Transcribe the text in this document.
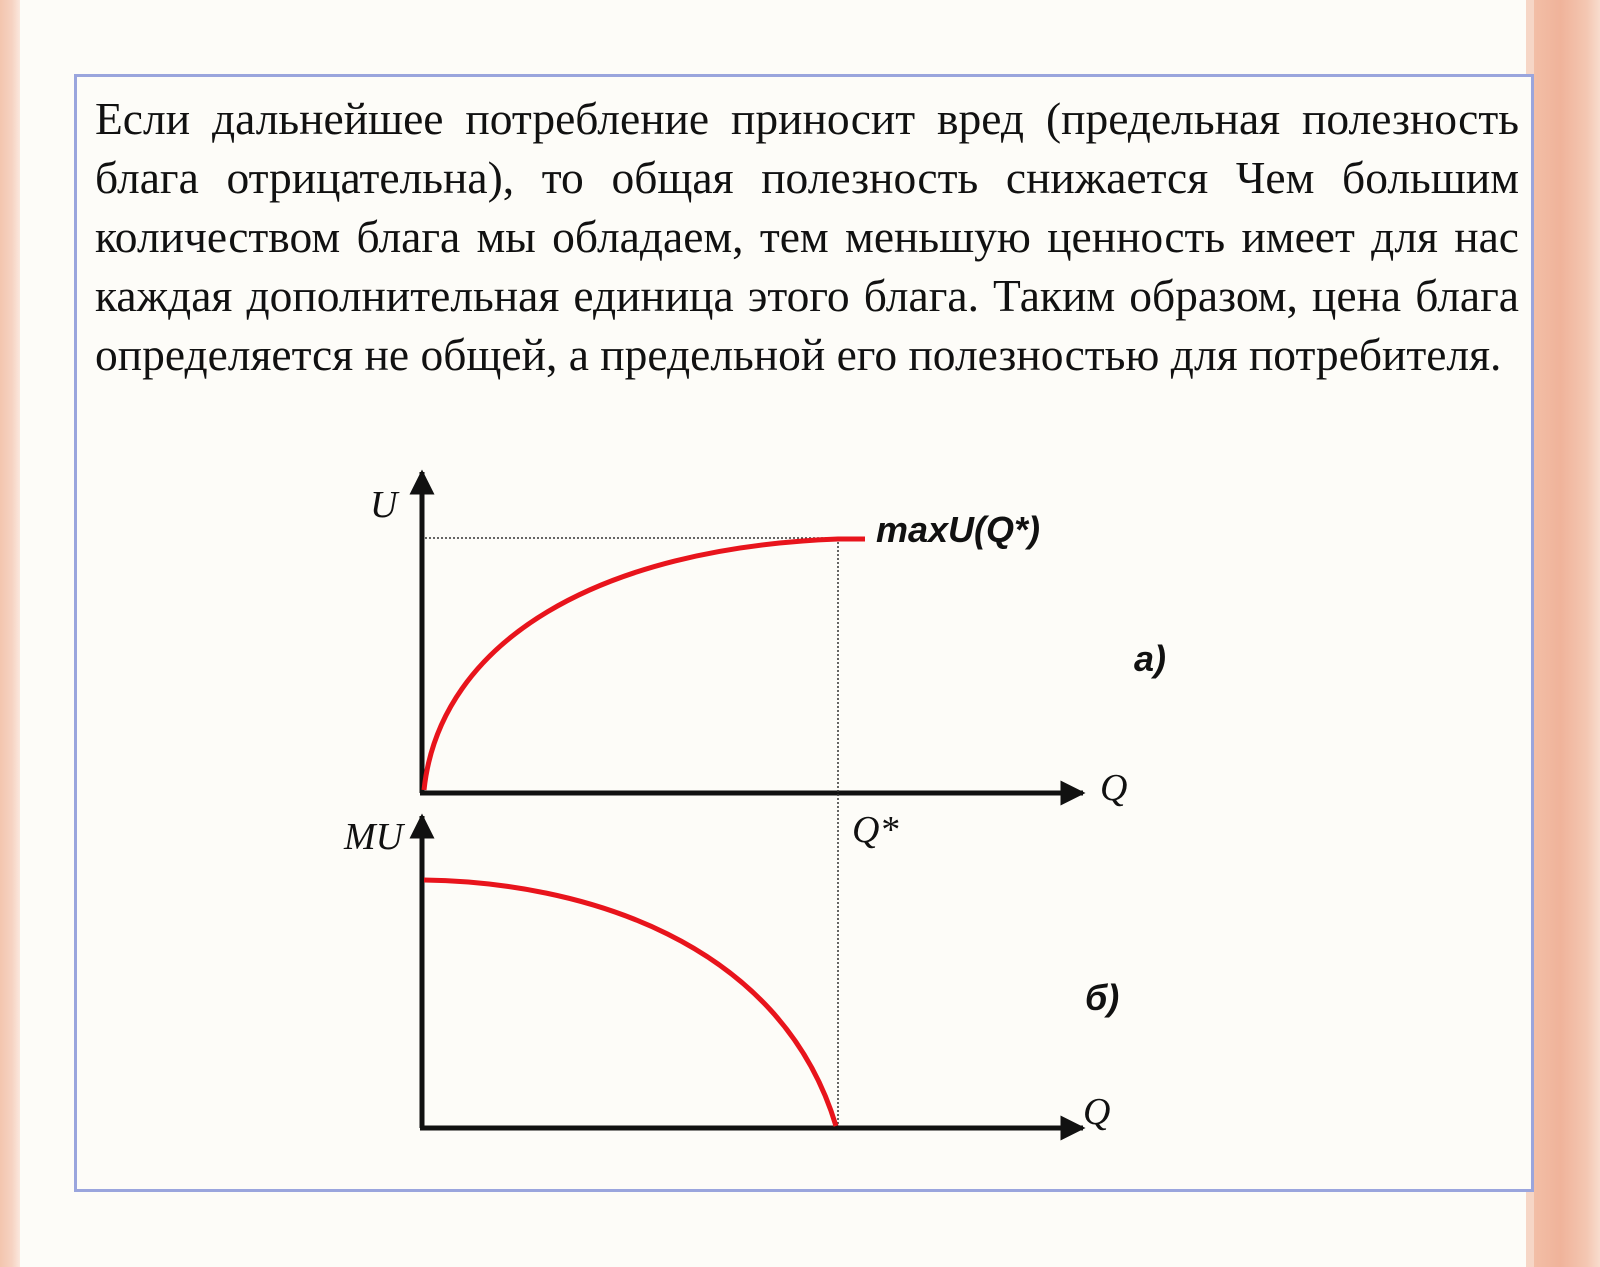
Если дальнейшее потребление приносит вред (предельная полезность блага отрицательна), то общая полезность снижается Чем большим количеством блага мы обладаем, тем меньшую ценность имеет для нас каждая дополнительная единица этого блага. Таким образом, цена блага определяется не общей, а предельной его полезностью для потребителя.

U
maxU(Q*)
а)
Q
MU	Q*
б)
Q
